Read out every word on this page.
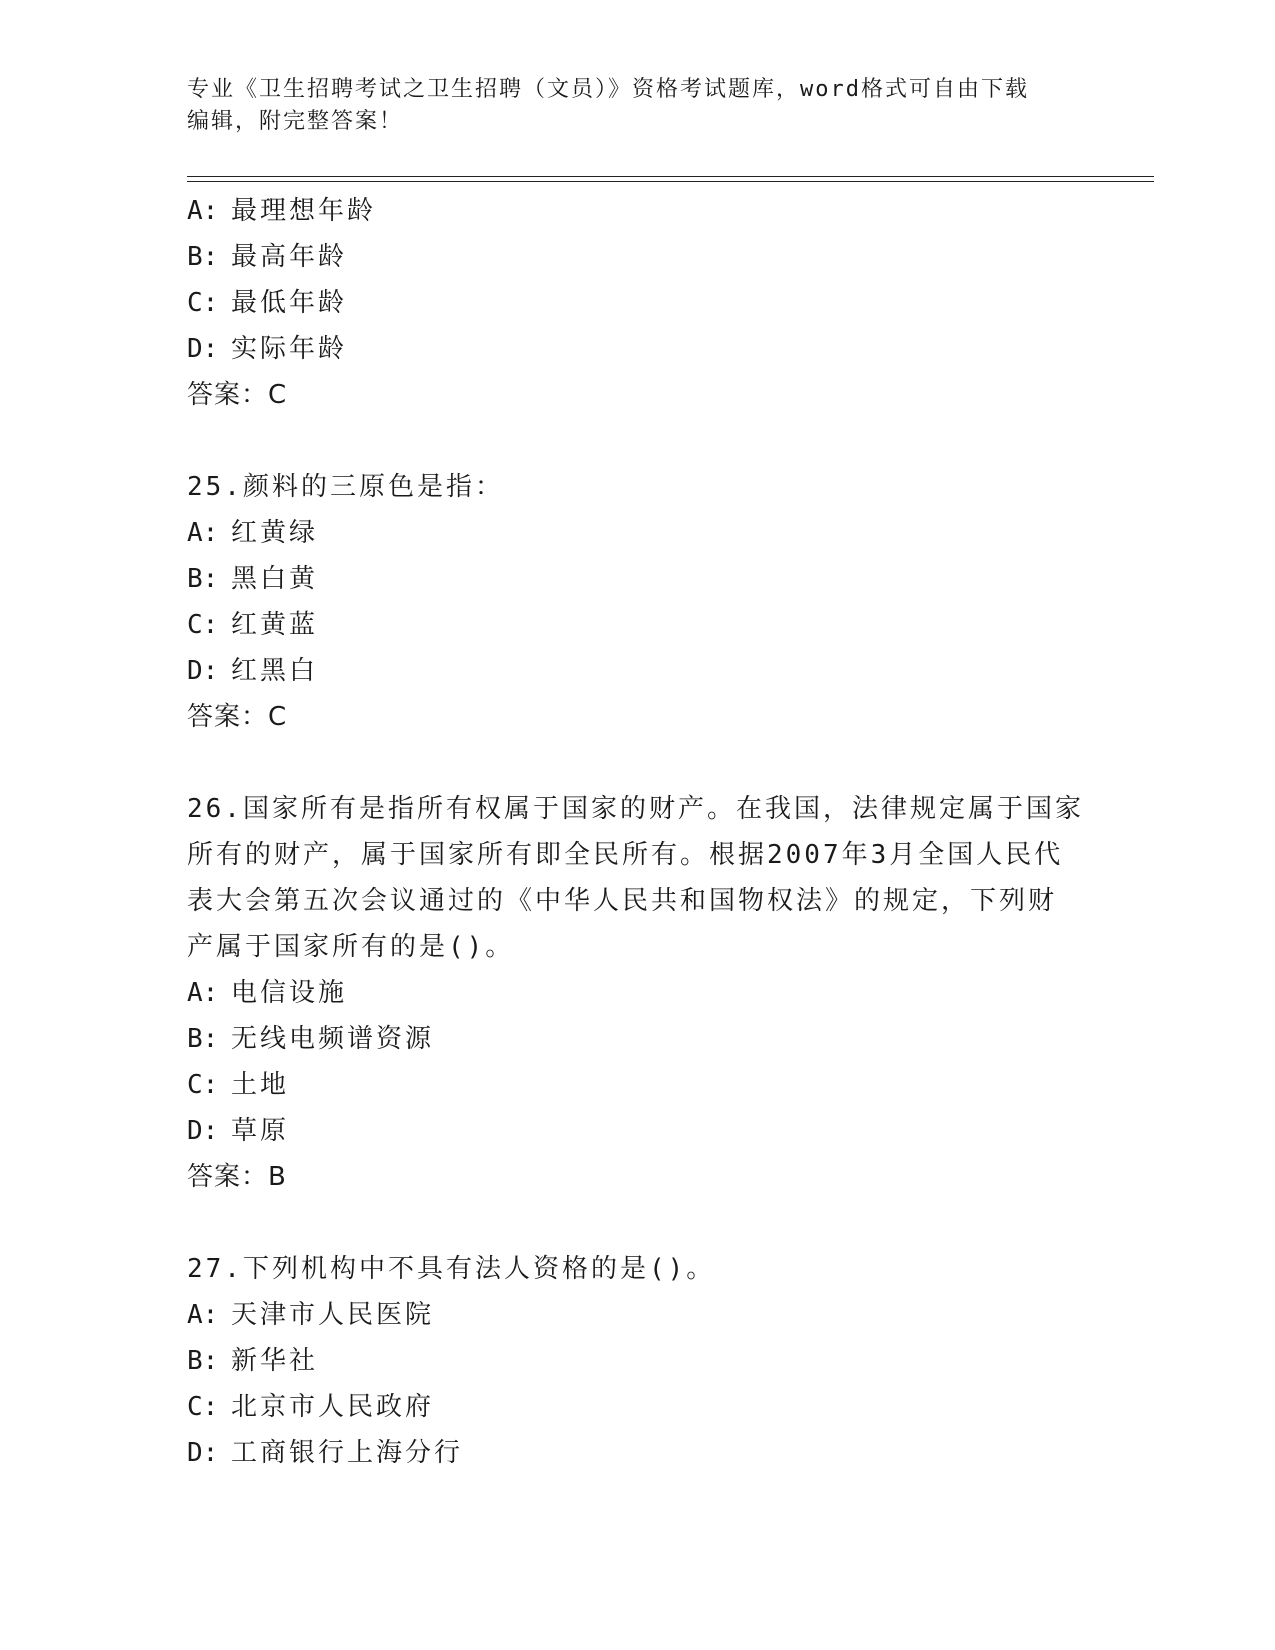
专业《卫生招聘考试之卫生招聘（文员）》资格考试题库，word格式可自由下载
编辑，附完整答案！
A: 最理想年龄
B: 最高年龄
C: 最低年龄
D: 实际年龄
答案：C
25.颜料的三原色是指：
A: 红黄绿
B: 黑白黄
C: 红黄蓝
D: 红黑白
答案：C
26.国家所有是指所有权属于国家的财产。在我国，法律规定属于国家
所有的财产，属于国家所有即全民所有。根据2007年3月全国人民代
表大会第五次会议通过的《中华人民共和国物权法》的规定，下列财
产属于国家所有的是()。
A: 电信设施
B: 无线电频谱资源
C: 土地
D: 草原
答案：B
27.下列机构中不具有法人资格的是()。
A: 天津市人民医院
B: 新华社
C: 北京市人民政府
D: 工商银行上海分行
